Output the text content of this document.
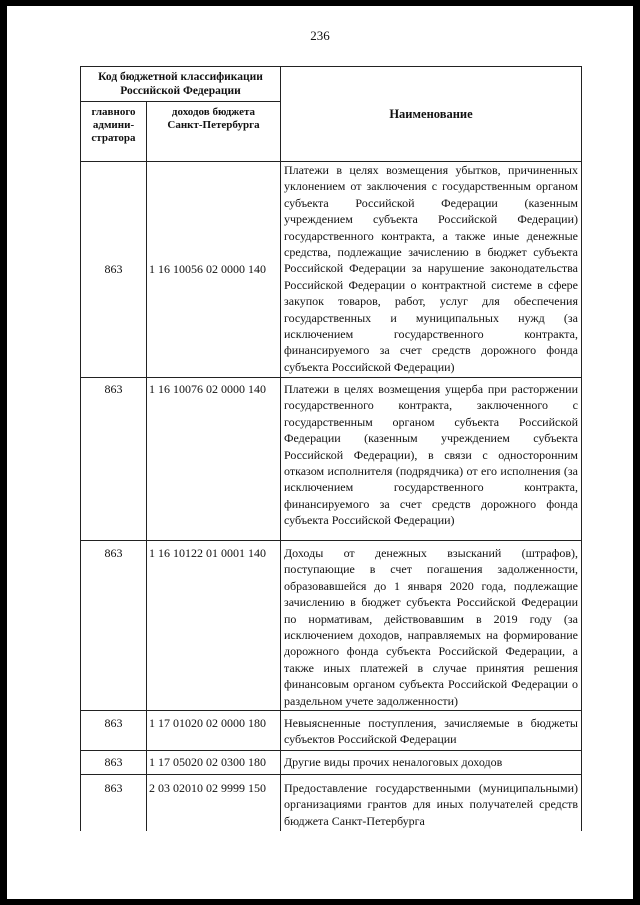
236
Код бюджетной классификации Российской Федерации		Наименование
главного админи-стратора	доходов бюджета Санкт-Петербурга	
863	1 16 10056 02 0000 140	Платежи в целях возмещения убытков, причиненных уклонением от заключения с государственным органом субъекта Российской Федерации (казенным учреждением субъекта Российской Федерации) государственного контракта, а также иные денежные средства, подлежащие зачислению в бюджет субъекта Российской Федерации за нарушение законодательства Российской Федерации о контрактной системе в сфере закупок товаров, работ, услуг для обеспечения государственных и муниципальных нужд (за исключением государственного контракта, финансируемого за счет средств дорожного фонда субъекта Российской Федерации)
863	1 16 10076 02 0000 140	Платежи в целях возмещения ущерба при расторжении государственного контракта, заключенного с государственным органом субъекта Российской Федерации (казенным учреждением субъекта Российской Федерации), в связи с односторонним отказом исполнителя (подрядчика) от его исполнения (за исключением государственного контракта, финансируемого за счет средств дорожного фонда субъекта Российской Федерации)
863	1 16 10122 01 0001 140	Доходы от денежных взысканий (штрафов), поступающие в счет погашения задолженности, образовавшейся до 1 января 2020 года, подлежащие зачислению в бюджет субъекта Российской Федерации по нормативам, действовавшим в 2019 году (за исключением доходов, направляемых на формирование дорожного фонда субъекта Российской Федерации, а также иных платежей в случае принятия решения финансовым органом субъекта Российской Федерации о раздельном учете задолженности)
863	1 17 01020 02 0000 180	Невыясненные поступления, зачисляемые в бюджеты субъектов Российской Федерации
863	1 17 05020 02 0300 180	Другие виды прочих неналоговых доходов
863	2 03 02010 02 9999 150	Предоставление государственными (муниципальными) организациями грантов для иных получателей средств бюджета Санкт-Петербурга
